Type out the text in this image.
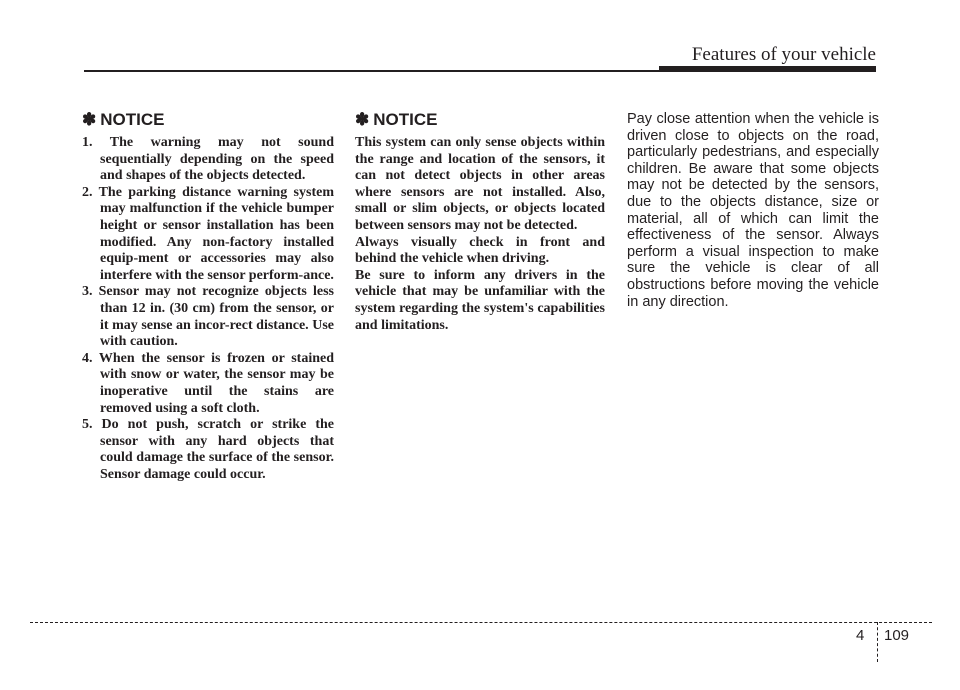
Features of your vehicle
✽ NOTICE
1. The warning may not sound sequentially depending on the speed and shapes of the objects detected.
2. The parking distance warning system may malfunction if the vehicle bumper height or sensor installation has been modified. Any non-factory installed equip-ment or accessories may also interfere with the sensor perform-ance.
3. Sensor may not recognize objects less than 12 in. (30 cm) from the sensor, or it may sense an incor-rect distance. Use with caution.
4. When the sensor is frozen or stained with snow or water, the sensor may be inoperative until the stains are removed using a soft cloth.
5. Do not push, scratch or strike the sensor with any hard objects that could damage the surface of the sensor. Sensor damage could occur.
✽ NOTICE

This system can only sense objects within the range and location of the sensors, it can not detect objects in other areas where sensors are not installed. Also, small or slim objects, or objects located between sensors may not be detected.

Always visually check in front and behind the vehicle when driving.

Be sure to inform any drivers in the vehicle that may be unfamiliar with the system regarding the system's capabilities and limitations.

Pay close attention when the vehicle is driven close to objects on the road, particularly pedestrians, and especially children. Be aware that some objects may not be detected by the sensors, due to the objects distance, size or material, all of which can limit the effectiveness of the sensor. Always perform a visual inspection to make sure the vehicle is clear of all obstructions before moving the vehicle in any direction.

4 109
